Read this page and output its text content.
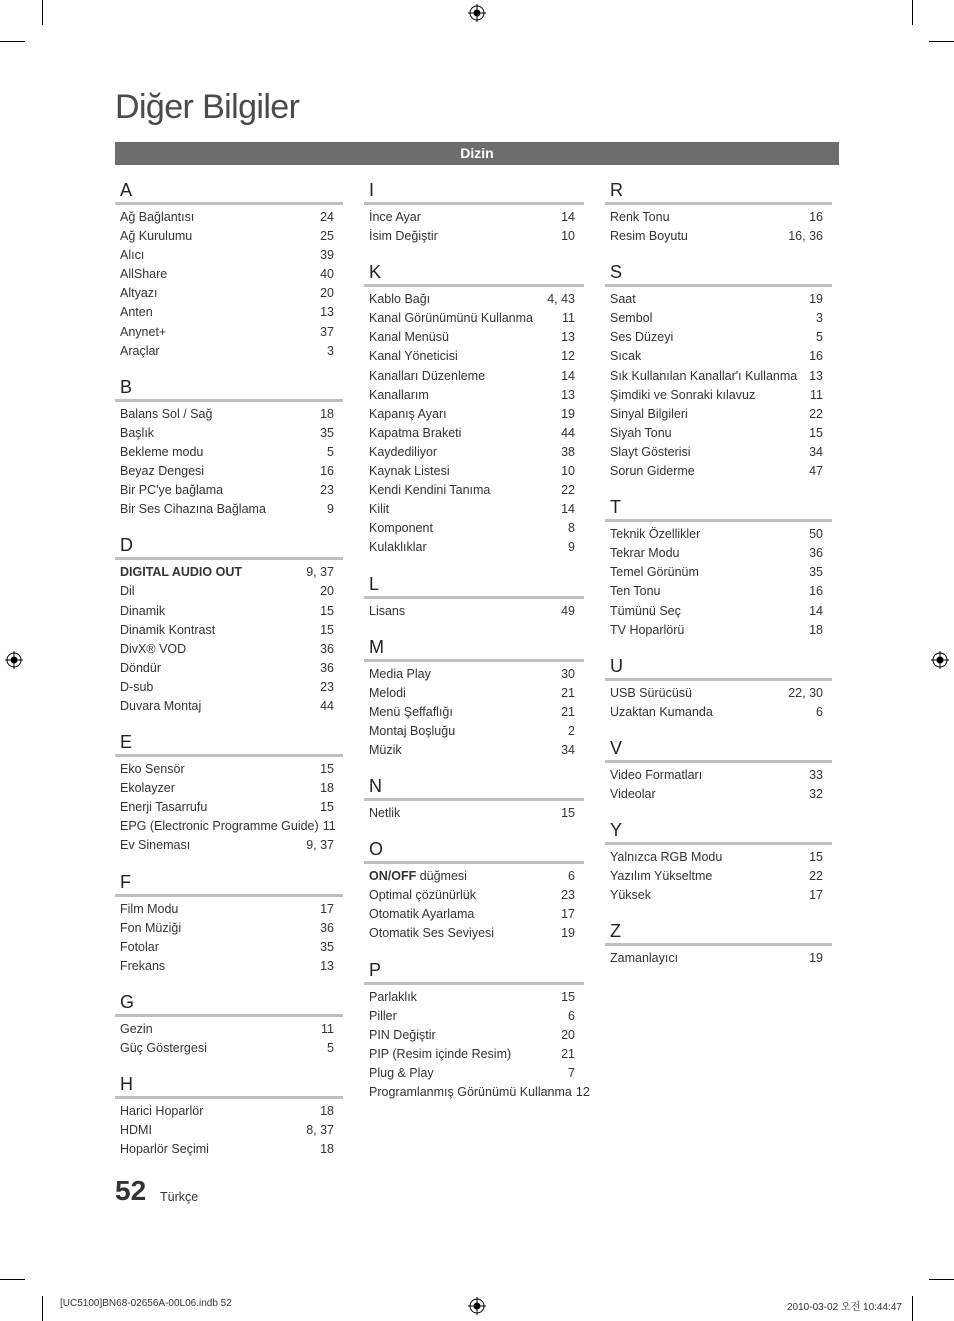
Diğer Bilgiler
Dizin
A
Ağ Bağlantısı	24
Ağ Kurulumu	25
Alıcı	39
AllShare	40
Altyazı	20
Anten	13
Anynet+	37
Araçlar	3
B
Balans Sol / Sağ	18
Başlık	35
Bekleme modu	5
Beyaz Dengesi	16
Bir PC'ye bağlama	23
Bir Ses Cihazına Bağlama	9
D
DIGITAL AUDIO OUT	9, 37
Dil	20
Dinamik	15
Dinamik Kontrast	15
DivX® VOD	36
Döndür	36
D-sub	23
Duvara Montaj	44
E
Eko Sensör	15
Ekolayzer	18
Enerji Tasarrufu	15
EPG (Electronic Programme Guide) 11
Ev Sineması	9, 37
F
Film Modu	17
Fon Müziği	36
Fotolar	35
Frekans	13
G
Gezin	11
Güç Göstergesi	5
H
Harici Hoparlör	18
HDMI	8, 37
Hoparlör Seçimi	18
I
İnce Ayar	14
İsim Değiştir	10
K
Kablo Bağı	4, 43
Kanal Görünümünü Kullanma	11
Kanal Menüsü	13
Kanal Yöneticisi	12
Kanalları Düzenleme	14
Kanallarım	13
Kapanış Ayarı	19
Kapatma Braketi	44
Kaydediliyor	38
Kaynak Listesi	10
Kendi Kendini Tanıma	22
Kilit	14
Komponent	8
Kulaklıklar	9
L
Lisans	49
M
Media Play	30
Melodi	21
Menü Şeffaflığı	21
Montaj Boşluğu	2
Müzik	34
N
Netlik	15
O
ON/OFF düğmesi	6
Optimal çözünürlük	23
Otomatik Ayarlama	17
Otomatik Ses Seviyesi	19
P
Parlaklık	15
Piller	6
PIN Değiştir	20
PIP (Resim içinde Resim)	21
Plug & Play	7
Programlanmış Görünümü Kullanma 12
R
Renk Tonu	16
Resim Boyutu	16, 36
S
Saat	19
Sembol	3
Ses Düzeyi	5
Sıcak	16
Sık Kullanılan Kanallar'ı Kullanma 13
Şimdiki ve Sonraki kılavuz	11
Sinyal Bilgileri	22
Siyah Tonu	15
Slayt Gösterisi	34
Sorun Giderme	47
T
Teknik Özellikler	50
Tekrar Modu	36
Temel Görünüm	35
Ten Tonu	16
Tümünü Seç	14
TV Hoparlörü	18
U
USB Sürücüsü	22, 30
Uzaktan Kumanda	6
V
Video Formatları	33
Videolar	32
Y
Yalnızca RGB Modu	15
Yazılım Yükseltme	22
Yüksek	17
Z
Zamanlayıcı	19
52 Türkçe
[UC5100]BN68-02656A-00L06.indb 52	2010-03-02 오전 10:44:47
